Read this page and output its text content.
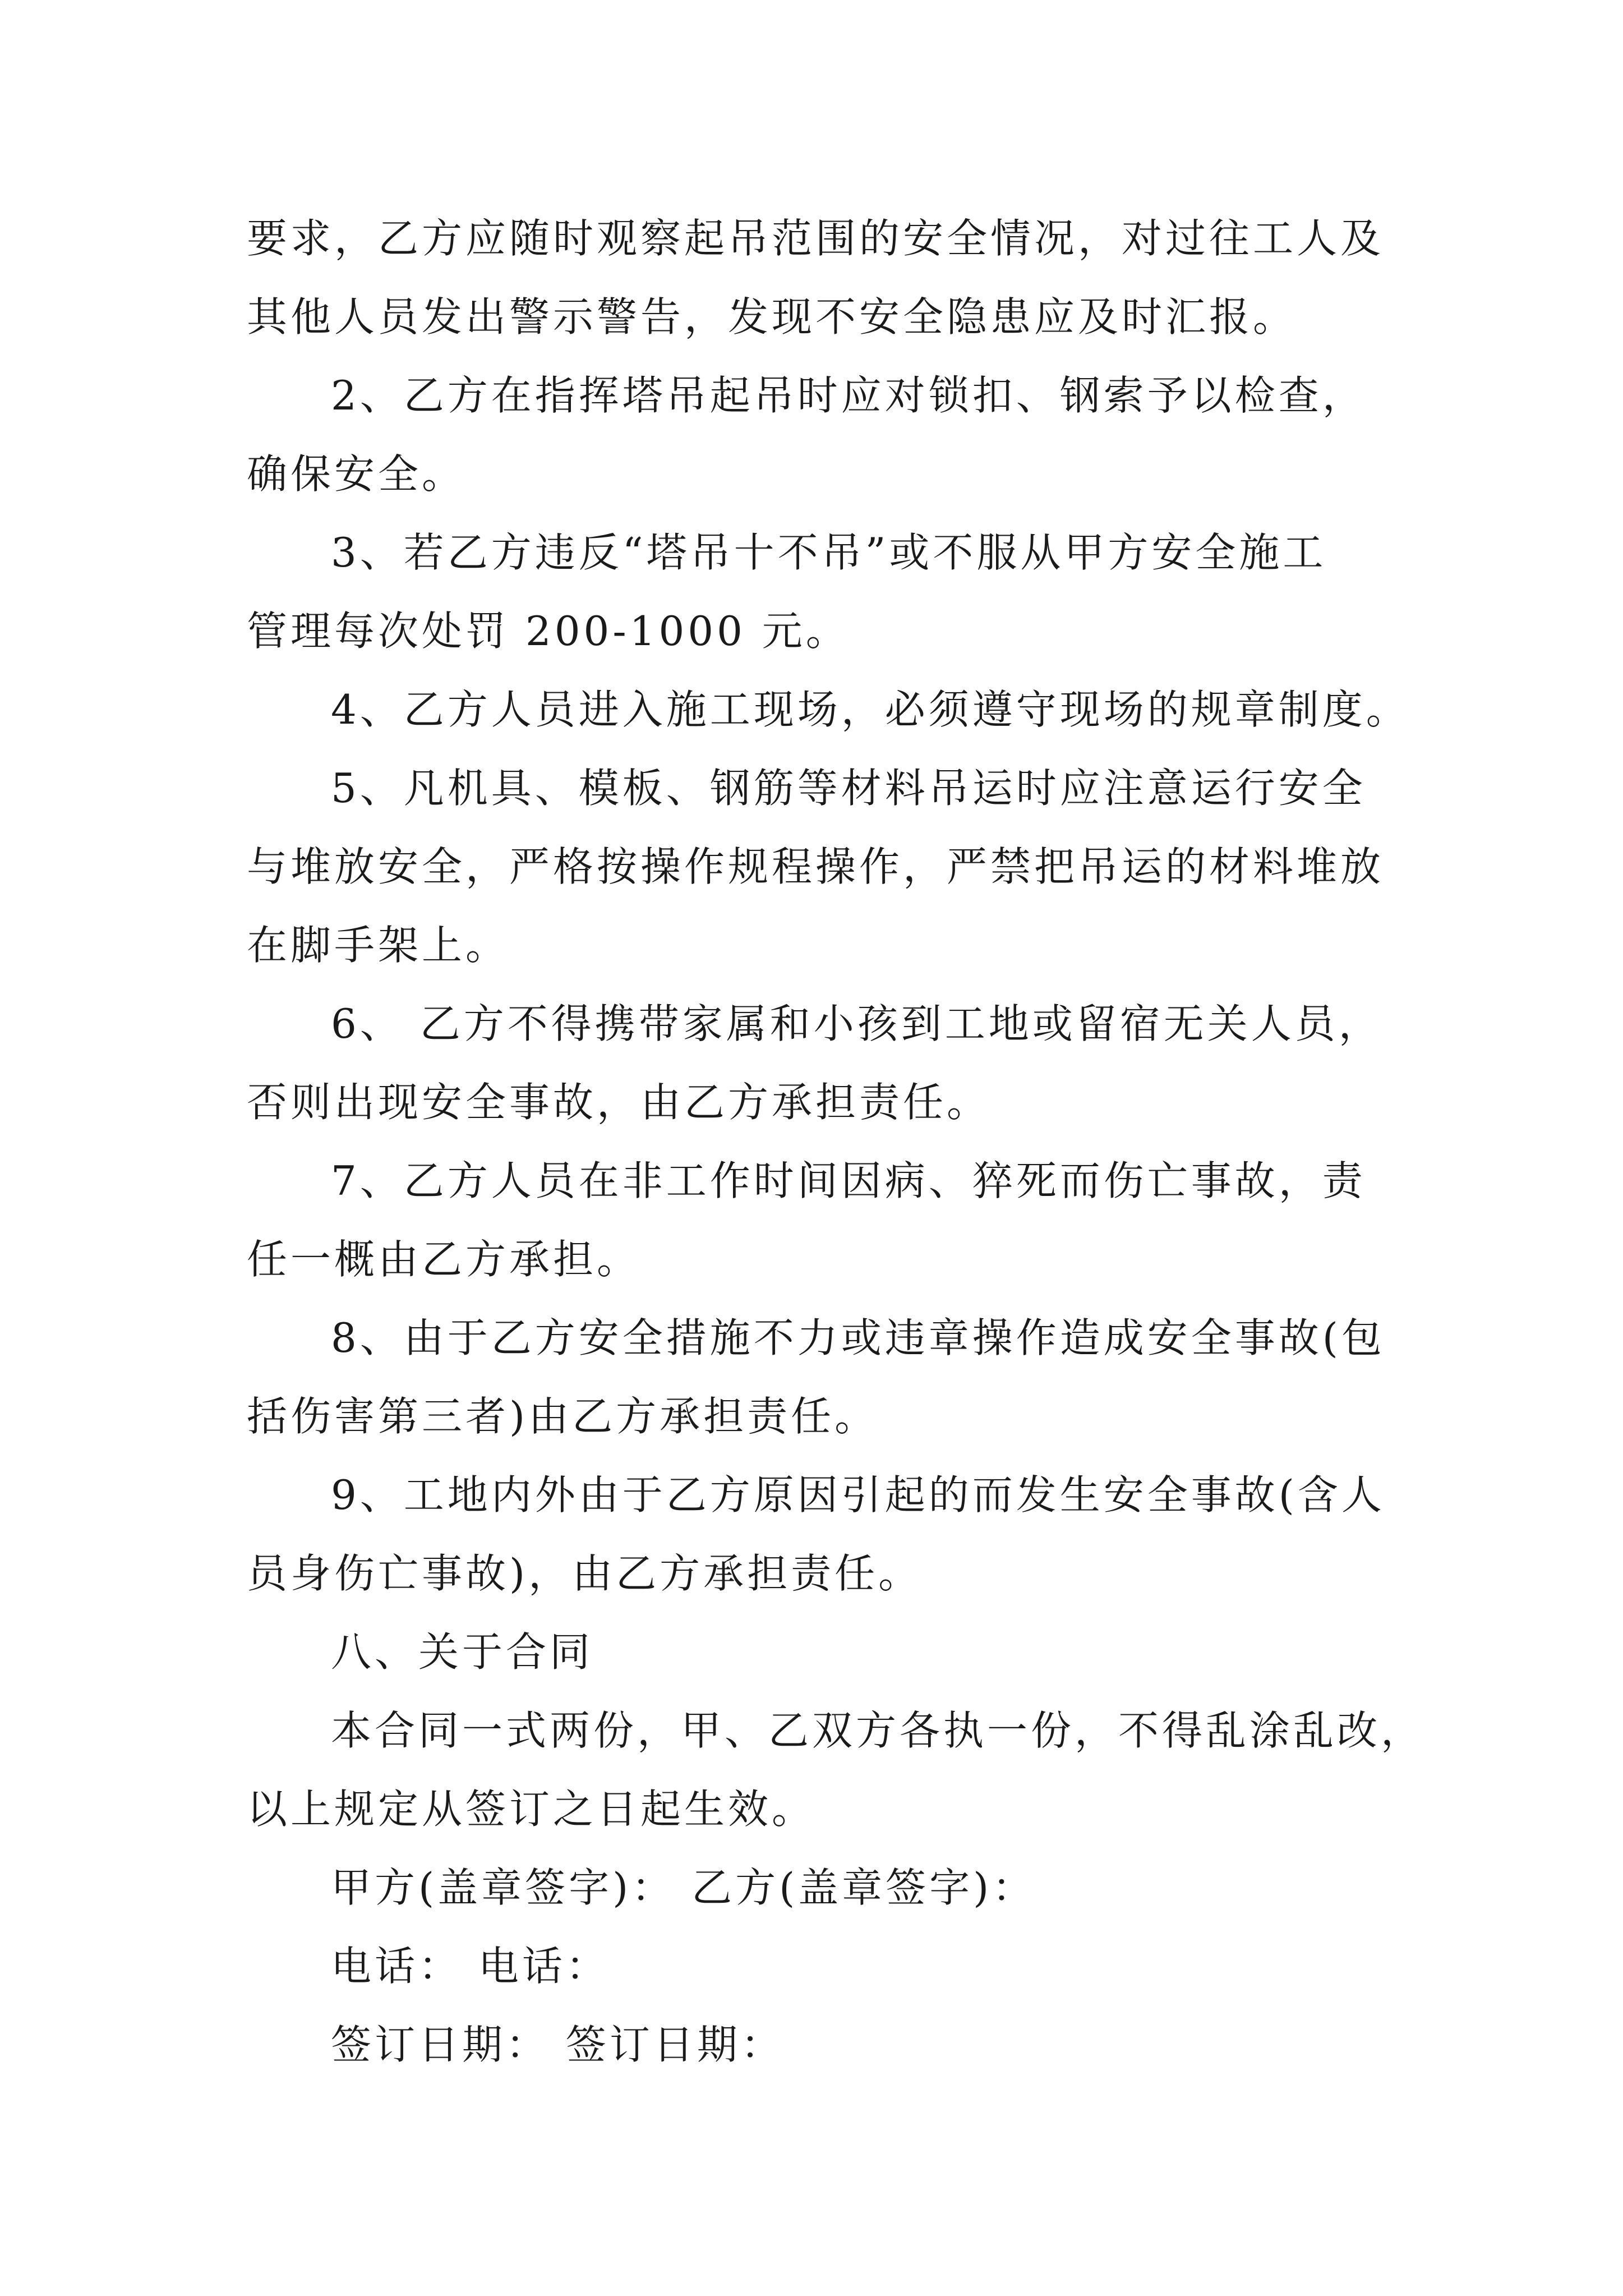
要求，乙方应随时观察起吊范围的安全情况，对过往工人及
其他人员发出警示警告，发现不安全隐患应及时汇报。
2、乙方在指挥塔吊起吊时应对锁扣、钢索予以检查，
确保安全。
3、若乙方违反“塔吊十不吊”或不服从甲方安全施工
管理每次处罚 200-1000 元。
4、乙方人员进入施工现场，必须遵守现场的规章制度。
5、凡机具、模板、钢筋等材料吊运时应注意运行安全
与堆放安全，严格按操作规程操作，严禁把吊运的材料堆放
在脚手架上。
6、 乙方不得携带家属和小孩到工地或留宿无关人员，
否则出现安全事故，由乙方承担责任。
7、乙方人员在非工作时间因病、猝死而伤亡事故，责
任一概由乙方承担。
8、由于乙方安全措施不力或违章操作造成安全事故(包
括伤害第三者)由乙方承担责任。
9、工地内外由于乙方原因引起的而发生安全事故(含人
员身伤亡事故)，由乙方承担责任。
八、关于合同
本合同一式两份，甲、乙双方各执一份，不得乱涂乱改，
以上规定从签订之日起生效。
甲方(盖章签字)： 乙方(盖章签字)：
电话： 电话：
签订日期： 签订日期：
